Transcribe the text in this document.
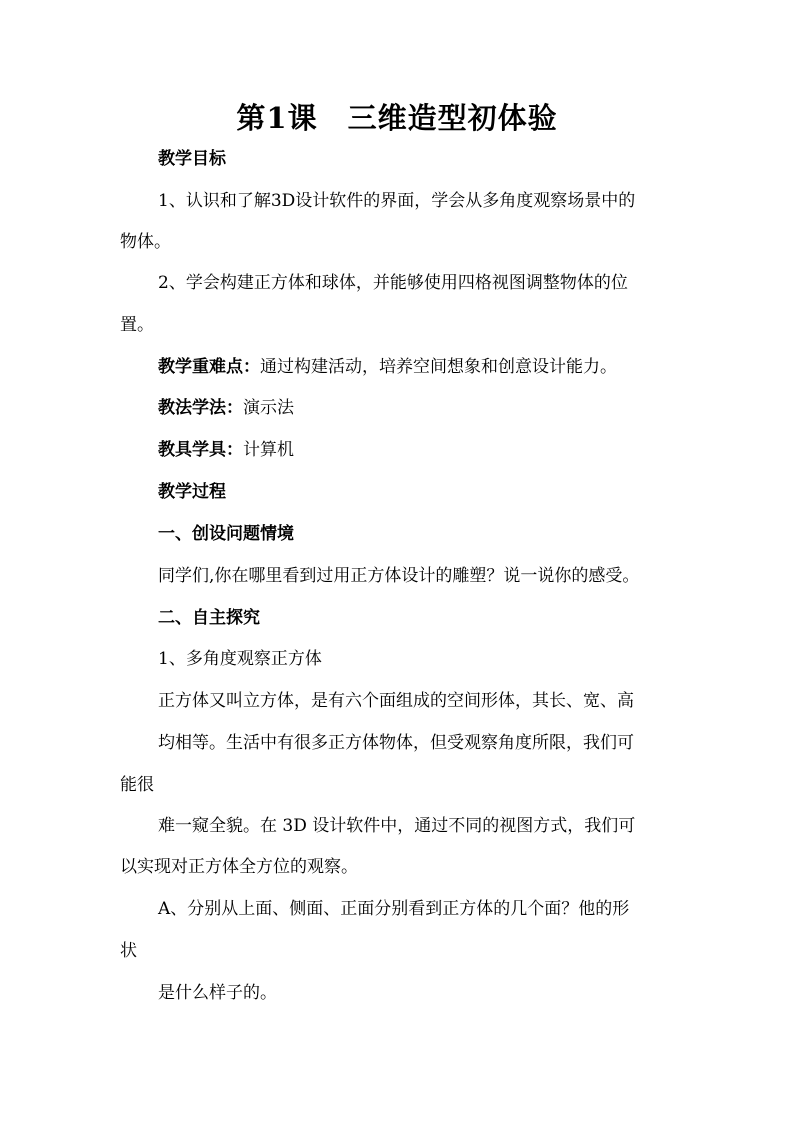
第1课　三维造型初体验
教学目标
1、认识和了解3D设计软件的界面，学会从多角度观察场景中的
物体。
2、学会构建正方体和球体，并能够使用四格视图调整物体的位
置。
教学重难点：通过构建活动，培养空间想象和创意设计能力。
教法学法：演示法
教具学具：计算机
教学过程
一、创设问题情境
同学们,你在哪里看到过用正方体设计的雕塑？说一说你的感受。
二、自主探究
1、多角度观察正方体
正方体又叫立方体，是有六个面组成的空间形体，其长、宽、高
均相等。生活中有很多正方体物体，但受观察角度所限，我们可
能很
难一窥全貌。在 3D 设计软件中，通过不同的视图方式，我们可
以实现对正方体全方位的观察。
A、分别从上面、侧面、正面分别看到正方体的几个面？他的形
状
是什么样子的。
